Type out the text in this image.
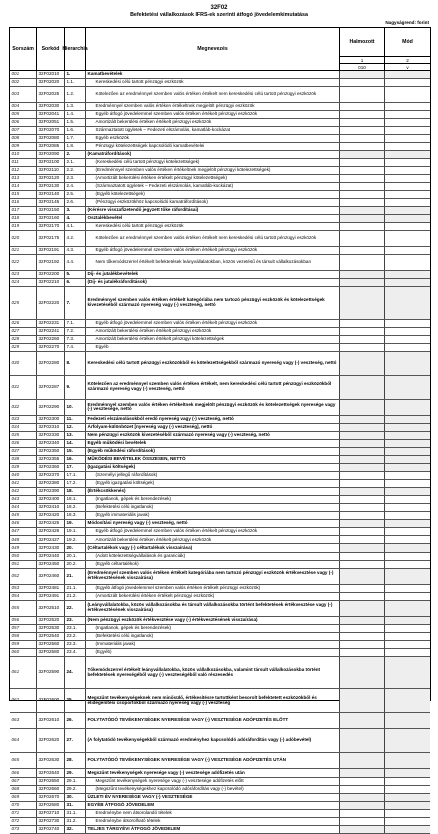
32F02
Befektetési vállalkozások IFRS-ek szerinti átfogó jövedelemkimutatása
Nagyságrend: forint
Sorszám	Sorkód Hierarchia	Megnevezés
Halmozott	Mód
1	2
010	v
001	32F02010 1.	Kamatbevételek
002	32F02020 1.1.	Kereskedési célú tartott pénzügyi eszközök
003	32F02025 1.2.	Kötelezően az eredménnyel szemben valós értéken értékelt nem kereskedési célú tartott pénzügyi eszközök
004	32F02030 1.3.	Eredménnyel szemben valós értéken értékeltnek megjelölt pénzügyi eszközök
005	32F02041 1.4.	Egyéb átfogó jövedelemmel szemben valós értéken értékelt pénzügyi eszközök
006	32F02051 1.5.	Amortizált bekerülési értéken értékelt pénzügyi eszközök
007	32F02070 1.6.	Származtatott ügyletek – Fedezeti elszámolás, kamatláb-kockázat
008	32F02080 1.7.	Egyéb eszközök
009	32F02085 1.8.	Pénzügyi kötelezettségek kapcsolódó kamatbevételei
010	32F02090 2.	(Kamatráfordítások)
011	32F02100 2.1.	(Kereskedési célú tartott pénzügyi kötelezettségek)
012	32F02110 2.2.	(Eredménnyel szemben valós értéken értékeltnek megjelölt pénzügyi kötelezettségek)
013	32F02120 2.3.	(Amortizált bekerülési értéken értékelt pénzügyi kötelezettségek)
014	32F02130 2.4.	(Származtatott ügyletek – Fedezeti elszámolás, kamatláb-kockázat)
015	32F02140 2.5.	(Egyéb kötelezettségek)
016	32F02145 2.6.	(Pénzügyi eszközökhöz kapcsolódó kamatráfordítások)
017	32F02150 3.	(Kérésre visszafizetendő jegyzett tőke ráfordításai)
018	32F02160 4.	Osztalékbevétel
019	32F02170 4.1.	Kereskedési célú tartott pénzügyi eszközök
020	32F02175 4.2.	Kötelezően az eredménnyel szemben valós értéken értékelt nem kereskedési célú tartott pénzügyi eszközök
021	32F02191 4.3.	Egyéb átfogó jövedelemmel szemben valós értéken értékelt pénzügyi eszközök
022	32F02192 4.4.	Nem tőkemódszerrel értékelt befektetések leányvállalatokban, közös vezetésű és társult vállalkozásokban
023	32F02200 5.	Díj- és jutalékbevételek
024	32F02210 6.	(Díj- és jutalékráfordítások)
025	32F02220 7.	Eredménnyel szemben valós értéken értékelt kategóriába nem tartozó pénzügyi eszközök és kötelezettségek kivezetéséből származó nyereség vagy (-) veszteség, nettó
026	32F02231 7.1.	Egyéb átfogó jövedelemmel szemben valós értéken értékelt pénzügyi eszközök
027	32F02241 7.2.	Amortizált bekerülési értéken értékelt pénzügyi eszközök
028	32F02260 7.3.	Amortizált bekerülési értéken értékelt pénzügyi kötelezettségek
029	32F02270 7.4.	Egyéb
030	32F02280 8.	Kereskedési célú tartott pénzügyi eszközökből és kötelezettségekből származó nyereség vagy (-) veszteség, nettó
031	32F02287 9.	Kötelezően az eredménnyel szemben valós értéken értékelt, nem kereskedési célú tartott pénzügyi eszközökből származó nyereség vagy (-) veszteség, nettó
032	32F02290 10.	Eredménnyel szemben valós értéken értékeltnek megjelölt pénzügyi eszközök és kötelezettségek nyeresége vagy (-) vesztesége, nettó
033	32F02300 11.	Fedezeti elszámolásokból eredő nyereség vagy (-) veszteség, nettó
034	32F02310 12.	Árfolyam-különbözet [nyereség vagy (-) veszteség], nettó
035	32F02330 13.	Nem pénzügyi eszközök kivezetéséből származó nyereség vagy (-) veszteség, nettó
036	32F02340 14.	Egyéb működési bevételek
037	32F02350 15.	(Egyéb működési ráfordítások)
038	32F02355 16.	MŰKÖDÉSI BEVÉTELEK ÖSSZESEN, NETTÓ
039	32F02360 17.	(Igazgatási költségek)
040	32F02370 17.1.	(Személyi jellegű ráfordítások)
041	32F02380 17.2.	(Egyéb igazgatási költségek)
042	32F02390 18.	(Értékcsökkenés)
043	32F02400 18.1.	(Ingatlanok, gépek és berendezések)
044	32F02410 18.2.	(Befektetési célú ingatlanok)
045	32F02420 18.3.	(Egyéb immateriális javak)
046	32F02425 19.	Módosítási nyereség vagy (-) veszteség, nettó
047	32F02426 19.1.	Egyéb átfogó jövedelemmel szemben valós értéken értékelt pénzügyi eszközök
048	32F02427 19.2.	Amortizált bekerülési értéken értékelt pénzügyi eszközök
049	32F02430 20.	(Céltartalékok vagy (-) céltartalékok visszaírása)
050	32F02440 20.1.	(Adott kötelezettségvállalások és garanciák)
051	32F02450 20.2.	(Egyéb céltartalékok)
052	32F02460 21.	(Eredménnyel szemben valós értéken értékelt kategóriába nem tartozó pénzügyi eszközök értékvesztése vagy (-) értékvesztésének visszaírása)
053	32F02481 21.1.	(Egyéb átfogó jövedelemmel szemben valós értéken értékelt pénzügyi eszközök)
054	32F02491 21.2.	(Amortizált bekerülési értéken értékelt pénzügyi eszközök)
055	32F02510 22.	(Leányvállalatokba, közös vállalkozásokba és társult vállalkozásokba történt befektetések értékvesztése vagy (-) értékvesztésének visszaírása)
056	32F02520 23.	(Nem pénzügyi eszközök értékvesztése vagy (-) értékvesztésének visszaírása)
057	32F02530 23.1.	(Ingatlanok, gépek és berendezések)
058	32F02540 23.2.	(Befektetési célú ingatlanok)
059	32F02560 23.3.	(Immateriális javak)
060	32F02580 23.4.	(Egyéb)
061	32F02590 24.	Tőkemódszerrel értékelt leányvállalatokba, közös vállalkozásokba, valamint társult vállalkozásokba történt befektetések nyereségéből vagy (-) veszteségéből való részesedés
062	32F02600 25.	Megszűnt tevékenységeknek nem minősülő, értékesítésre tartottként besorolt befektetett eszközökből és elidegenítési csoportokból származó nyereség vagy (-) veszteség
063	32F02610 26.	FOLYTATÓDÓ TEVÉKENYSÉGEK NYERESÉGE VAGY (-) VESZTESÉGE ADÓFIZETÉS ELŐTT
064	32F02620 27.	(A folytatódó tevékenységekből származó eredményhez kapcsolódó adóráfordítás vagy (-) adóbevétel)
065	32F02630 28.	FOLYTATÓDÓ TEVÉKENYSÉGEK NYERESÉGE VAGY (-) VESZTESÉGE ADÓFIZETÉS UTÁN
066	32F02640 29.	Megszűnt tevékenységek nyeresége vagy (-) vesztesége adófizetés után
067	32F02650 29.1.	Megszűnt tevékenységek nyeresége vagy (-) vesztesége adófizetés előtt
068	32F02660 29.2.	(Megszűnt tevékenységekhez kapcsolódó adóráfordítás vagy (-) bevétel)
069	32F02670 30.	ÜZLETI ÉV NYERESÉGE VAGY (-) VESZTESÉGE
070	32F02680 31.	EGYÉB ÁTFOGÓ JÖVEDELEM
071	32F02710 31.1.	Eredménybe nem átsorolandó tételek
072	32F02730 31.2.	Eredménybe átsorolható tételek
073	32F02740 32.	TELJES TÁRGYÉVI ÁTFOGÓ JÖVEDELEM
